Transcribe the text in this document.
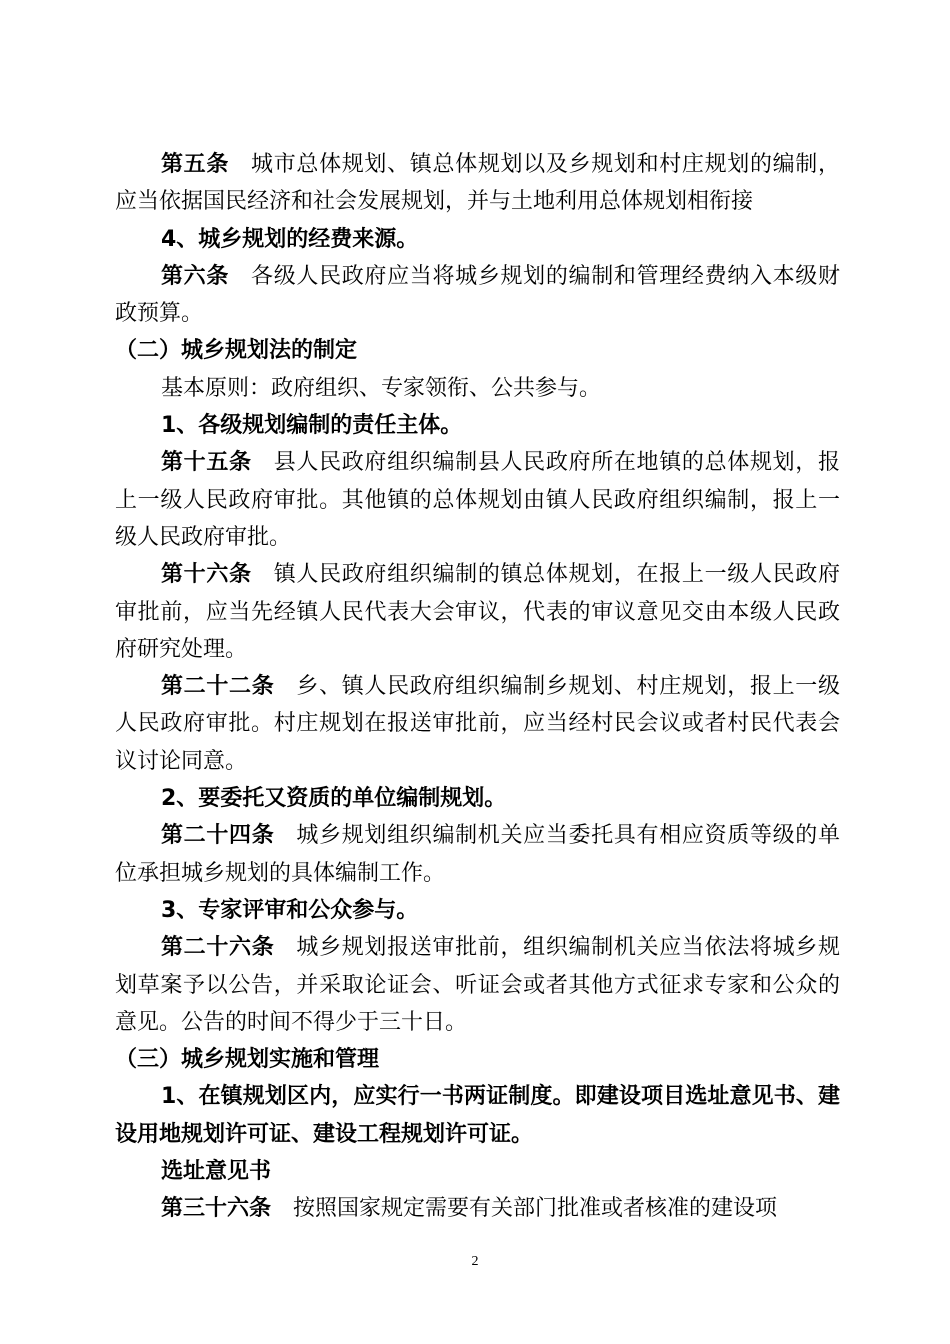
第五条 城市总体规划、镇总体规划以及乡规划和村庄规划的编制，应当依据国民经济和社会发展规划，并与土地利用总体规划相衔接

4、城乡规划的经费来源。

第六条 各级人民政府应当将城乡规划的编制和管理经费纳入本级财政预算。

（二）城乡规划法的制定

基本原则：政府组织、专家领衔、公共参与。

1、各级规划编制的责任主体。

第十五条 县人民政府组织编制县人民政府所在地镇的总体规划，报上一级人民政府审批。其他镇的总体规划由镇人民政府组织编制，报上一级人民政府审批。

第十六条 镇人民政府组织编制的镇总体规划，在报上一级人民政府审批前，应当先经镇人民代表大会审议，代表的审议意见交由本级人民政府研究处理。

第二十二条 乡、镇人民政府组织编制乡规划、村庄规划，报上一级人民政府审批。村庄规划在报送审批前，应当经村民会议或者村民代表会议讨论同意。

2、要委托又资质的单位编制规划。

第二十四条 城乡规划组织编制机关应当委托具有相应资质等级的单位承担城乡规划的具体编制工作。

3、专家评审和公众参与。

第二十六条 城乡规划报送审批前，组织编制机关应当依法将城乡规划草案予以公告，并采取论证会、听证会或者其他方式征求专家和公众的意见。公告的时间不得少于三十日。

（三）城乡规划实施和管理

1、在镇规划区内，应实行一书两证制度。即建设项目选址意见书、建设用地规划许可证、建设工程规划许可证。

选址意见书

第三十六条 按照国家规定需要有关部门批准或者核准的建设项

2
